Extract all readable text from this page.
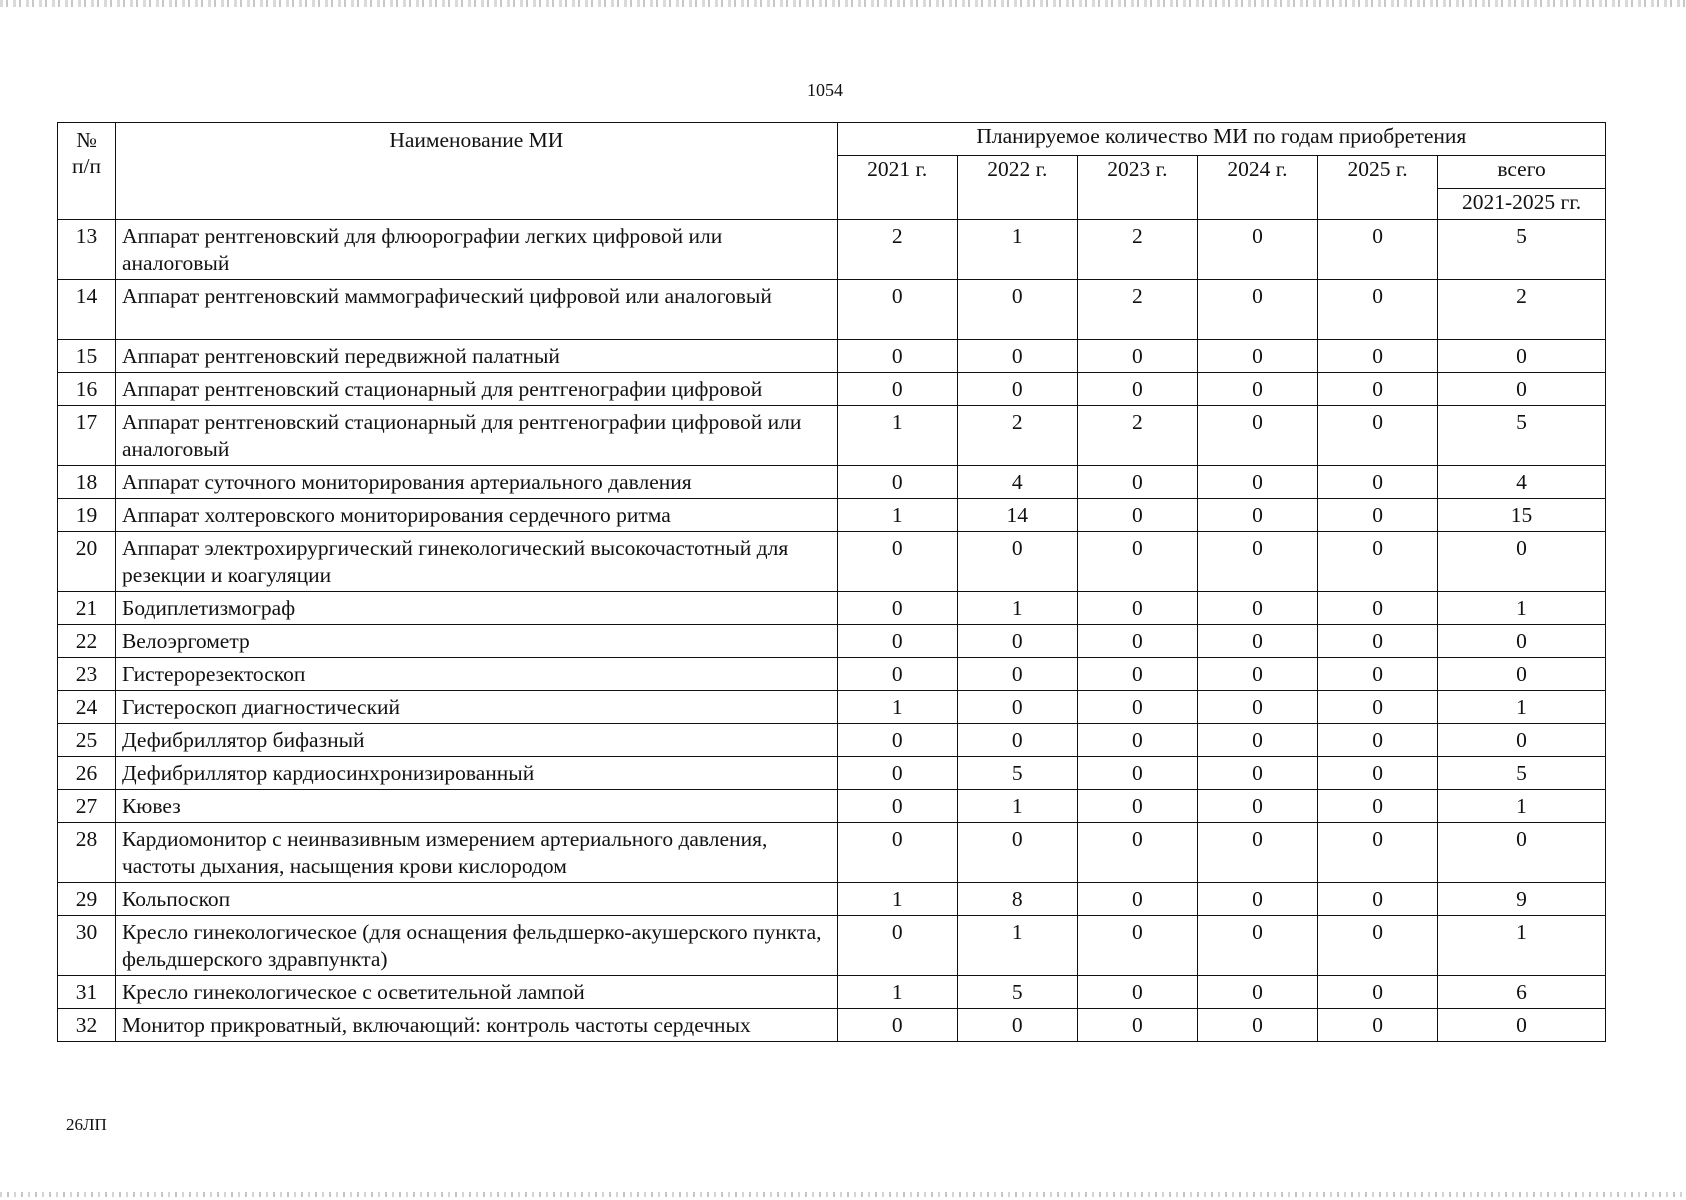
1054
№
п/п	Наименование МИ	Планируемое количество МИ по годам приобретения					
		2021 г.	2022 г.	2023 г.	2024 г.	2025 г.	всего
							2021-2025 гг.
13	Аппарат рентгеновский для флюорографии легких цифровой или аналоговый	2	1	2	0	0	5
14	Аппарат рентгеновский маммографический цифровой или аналоговый	0	0	2	0	0	2
15	Аппарат рентгеновский передвижной палатный	0	0	0	0	0	0
16	Аппарат рентгеновский стационарный для рентгенографии цифровой	0	0	0	0	0	0
17	Аппарат рентгеновский стационарный для рентгенографии цифровой или аналоговый	1	2	2	0	0	5
18	Аппарат суточного мониторирования артериального давления	0	4	0	0	0	4
19	Аппарат холтеровского мониторирования сердечного ритма	1	14	0	0	0	15
20	Аппарат электрохирургический гинекологический высокочастотный для резекции и коагуляции	0	0	0	0	0	0
21	Бодиплетизмограф	0	1	0	0	0	1
22	Велоэргометр	0	0	0	0	0	0
23	Гистерорезектоскоп	0	0	0	0	0	0
24	Гистероскоп диагностический	1	0	0	0	0	1
25	Дефибриллятор бифазный	0	0	0	0	0	0
26	Дефибриллятор кардиосинхронизированный	0	5	0	0	0	5
27	Кювез	0	1	0	0	0	1
28	Кардиомонитор с неинвазивным измерением артериального давления, частоты дыхания, насыщения крови кислородом	0	0	0	0	0	0
29	Кольпоскоп	1	8	0	0	0	9
30	Кресло гинекологическое (для оснащения фельдшерко-акушерского пункта, фельдшерского здравпункта)	0	1	0	0	0	1
31	Кресло гинекологическое с осветительной лампой	1	5	0	0	0	6
32	Монитор прикроватный, включающий: контроль частоты сердечных	0	0	0	0	0	0
26ЛП
